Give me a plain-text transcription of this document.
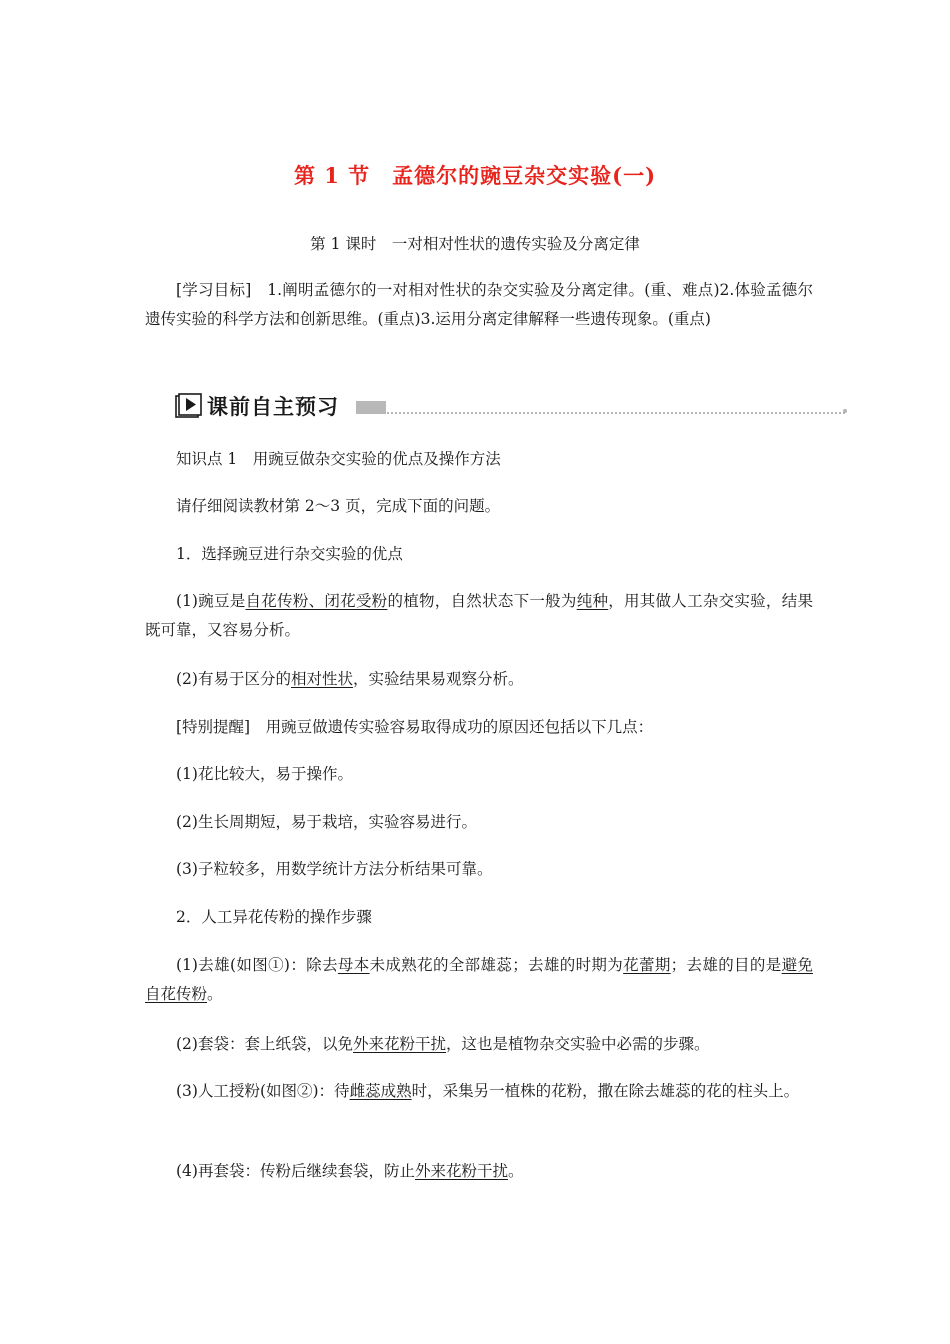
第 1 节　孟德尔的豌豆杂交实验(一)
第 1 课时　一对相对性状的遗传实验及分离定律
[学习目标]　1.阐明孟德尔的一对相对性状的杂交实验及分离定律。(重、难点)2.体验孟德尔遗传实验的科学方法和创新思维。(重点)3.运用分离定律解释一些遗传现象。(重点)
课前自主预习
知识点 1　用豌豆做杂交实验的优点及操作方法
请仔细阅读教材第 2～3 页，完成下面的问题。
1．选择豌豆进行杂交实验的优点
(1)豌豆是自花传粉、闭花受粉的植物，自然状态下一般为纯种，用其做人工杂交实验，结果既可靠，又容易分析。
(2)有易于区分的相对性状，实验结果易观察分析。
[特别提醒]　用豌豆做遗传实验容易取得成功的原因还包括以下几点：
(1)花比较大，易于操作。
(2)生长周期短，易于栽培，实验容易进行。
(3)子粒较多，用数学统计方法分析结果可靠。
2．人工异花传粉的操作步骤
(1)去雄(如图①)：除去母本未成熟花的全部雄蕊；去雄的时期为花蕾期；去雄的目的是避免自花传粉。
(2)套袋：套上纸袋，以免外来花粉干扰，这也是植物杂交实验中必需的步骤。
(3)人工授粉(如图②)：待雌蕊成熟时，采集另一植株的花粉，撒在除去雄蕊的花的柱头上。
(4)再套袋：传粉后继续套袋，防止外来花粉干扰。
